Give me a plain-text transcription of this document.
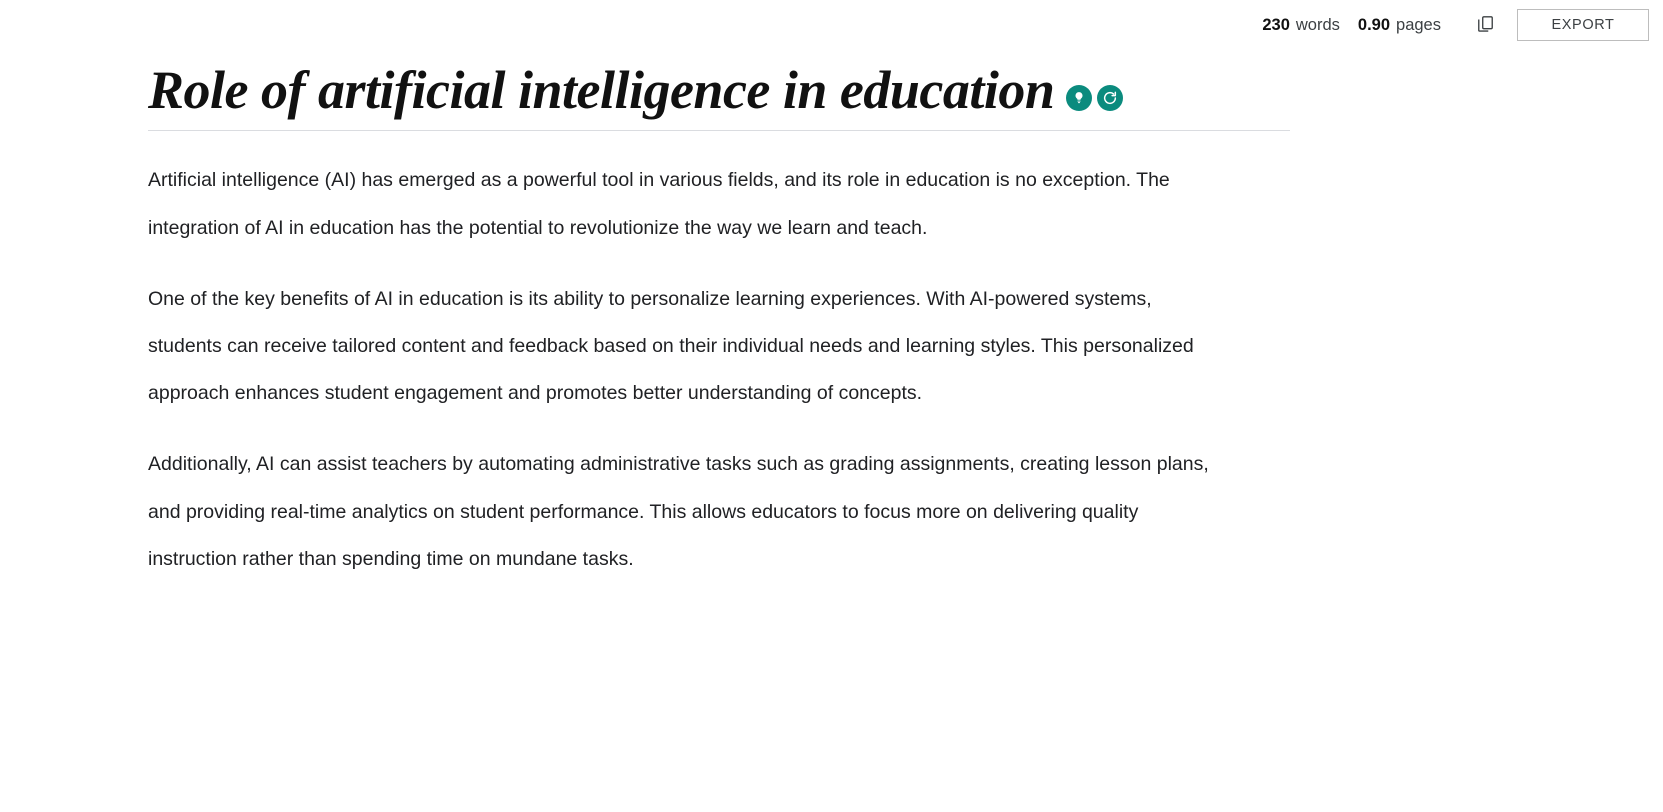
230 words 0.90 pages	EXPORT
Role of artificial intelligence in education

Artificial intelligence (AI) has emerged as a powerful tool in various fields, and its role in education is no exception. The integration of AI in education has the potential to revolutionize the way we learn and teach.

One of the key benefits of AI in education is its ability to personalize learning experiences. With AI-powered systems, students can receive tailored content and feedback based on their individual needs and learning styles. This personalized approach enhances student engagement and promotes better understanding of concepts.

Additionally, AI can assist teachers by automating administrative tasks such as grading assignments, creating lesson plans, and providing real-time analytics on student performance. This allows educators to focus more on delivering quality instruction rather than spending time on mundane tasks.
